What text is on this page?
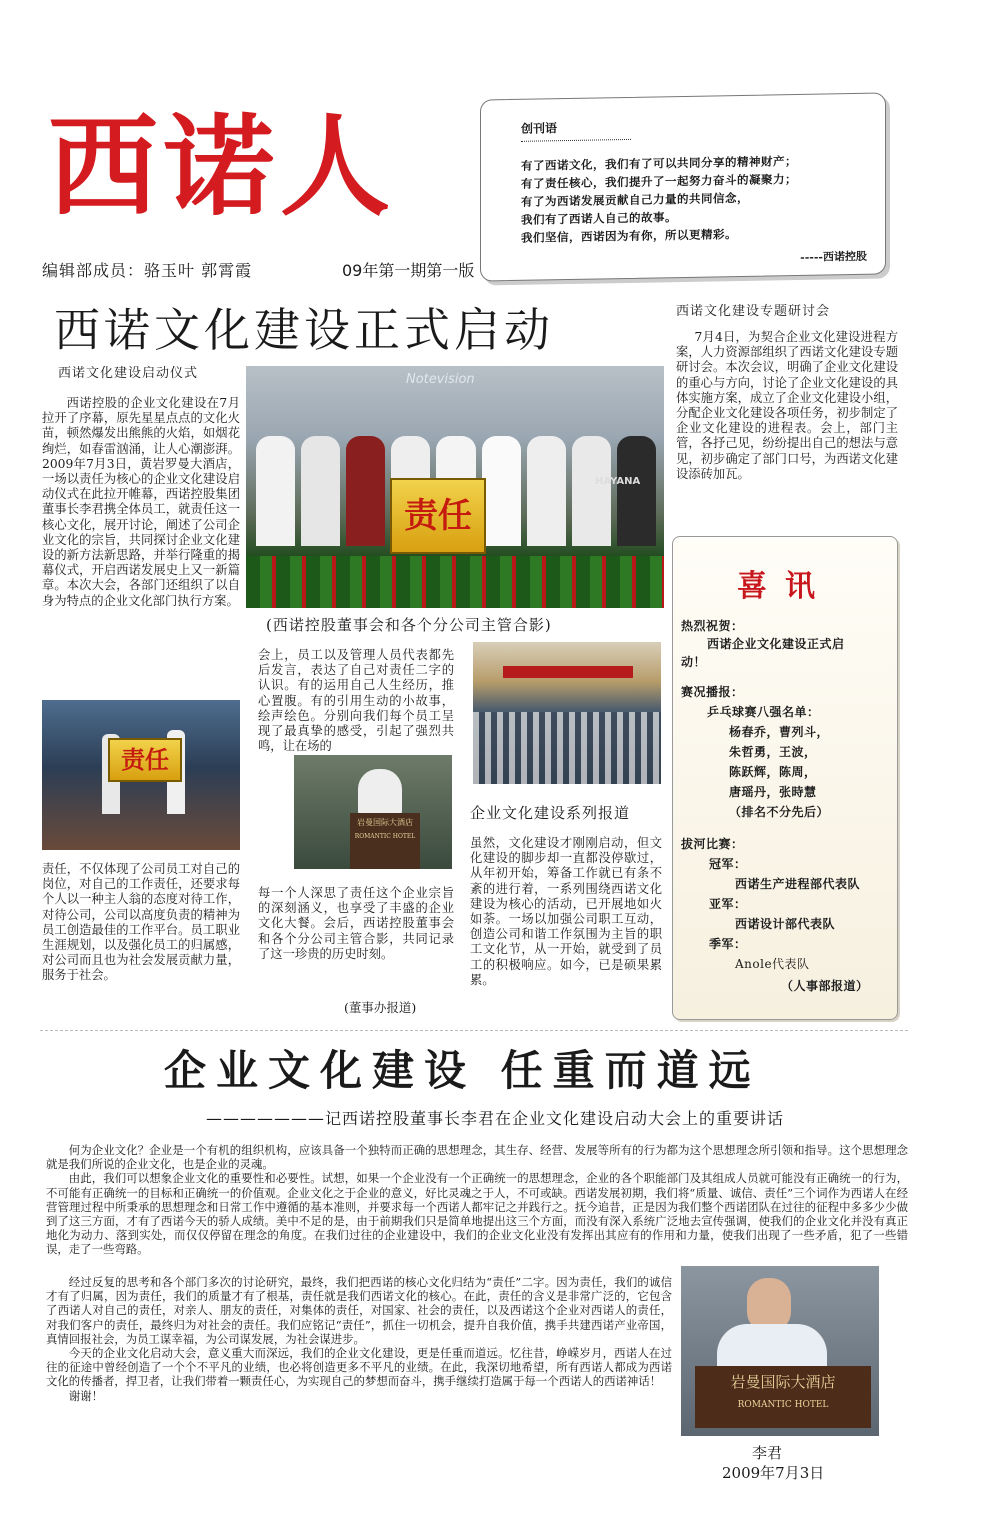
西诺人
编辑部成员：骆玉叶 郭霄霞	09年第一期第一版
创刊语
有了西诺文化，我们有了可以共同分享的精神财产；
有了责任核心，我们提升了一起努力奋斗的凝聚力；
有了为西诺发展贡献自己力量的共同信念，
我们有了西诺人自己的故事。
我们坚信，西诺因为有你，所以更精彩。
-----西诺控股
西诺文化建设正式启动
西诺文化建设启动仪式
西诺控股的企业文化建设在7月拉开了序幕，原先星星点点的文化火苗，顿然爆发出熊熊的火焰，如烟花绚烂，如春雷汹涌，让人心潮澎湃。2009年7月3日，黄岩罗曼大酒店，一场以责任为核心的企业文化建设启动仪式在此拉开帷幕，西诺控股集团董事长李君携全体员工，就责任这一核心文化，展开讨论，阐述了公司企业文化的宗旨，共同探讨企业文化建设的新方法新思路，并举行隆重的揭幕仪式，开启西诺发展史上又一新篇章。本次大会，各部门还组织了以自身为特点的企业文化部门执行方案。
责任
责任，不仅体现了公司员工对自己的岗位，对自己的工作责任，还要求每个人以一种主人翁的态度对待工作，对待公司，公司以高度负责的精神为员工创造最佳的工作平台。员工职业生涯规划，以及强化员工的归属感，对公司而且也为社会发展贡献力量，服务于社会。
Notevision
HAYANA
责任
(西诺控股董事会和各个分公司主管合影)
会上，员工以及管理人员代表都先后发言，表达了自己对责任二字的认识。有的运用自己人生经历，推心置腹。有的引用生动的小故事，绘声绘色。分别向我们每个员工呈现了最真挚的感受，引起了强烈共鸣，让在场的
岩曼国际大酒店
ROMANTIC HOTEL
每一个人深思了责任这个企业宗旨的深刻涵义，也享受了丰盛的企业文化大餐。会后，西诺控股董事会和各个分公司主管合影，共同记录了这一珍贵的历史时刻。
(董事办报道)
企业文化建设系列报道
虽然，文化建设才刚刚启动，但文化建设的脚步却一直都没停歇过，从年初开始，筹备工作就已有条不紊的进行着，一系列围绕西诺文化建设为核心的活动，已开展地如火如荼。一场以加强公司职工互动，创造公司和谐工作氛围为主旨的职工文化节，从一开始，就受到了员工的积极响应。如今，已是硕果累累。
西诺文化建设专题研讨会
7月4日，为契合企业文化建设进程方案，人力资源部组织了西诺文化建设专题研讨会。本次会议，明确了企业文化建设的重心与方向，讨论了企业文化建设的具体实施方案，成立了企业文化建设小组，分配企业文化建设各项任务，初步制定了企业文化建设的进程表。会上，部门主管，各抒己见，纷纷提出自己的想法与意见，初步确定了部门口号，为西诺文化建设添砖加瓦。
喜讯
热烈祝贺：
西诺企业文化建设正式启
动！
赛况播报：
乒乓球赛八强名单：
杨春乔，曹列斗，
朱哲勇，王波，
陈跃辉，陈周，
唐瑶丹，张時慧
（排名不分先后）
拔河比赛：
冠军：
西诺生产进程部代表队
亚军：
西诺设计部代表队
季军：
Anole代表队
（人事部报道）
企业文化建设 任重而道远
———————记西诺控股董事长李君在企业文化建设启动大会上的重要讲话

何为企业文化？企业是一个有机的组织机构，应该具备一个独特而正确的思想理念，其生存、经营、发展等所有的行为都为这个思想理念所引领和指导。这个思想理念就是我们所说的企业文化，也是企业的灵魂。

由此，我们可以想象企业文化的重要性和必要性。试想，如果一个企业没有一个正确统一的思想理念，企业的各个职能部门及其组成人员就可能没有正确统一的行为，不可能有正确统一的目标和正确统一的价值观。企业文化之于企业的意义，好比灵魂之于人，不可或缺。西诺发展初期，我们将“质量、诚信、责任”三个词作为西诺人在经营管理过程中所秉承的思想理念和日常工作中遵循的基本准则，并要求每一个西诺人都牢记之并践行之。抚今追昔，正是因为我们整个西诺团队在过往的征程中多多少少做到了这三方面，才有了西诺今天的骄人成绩。美中不足的是，由于前期我们只是简单地提出这三个方面，而没有深入系统广泛地去宣传强调，使我们的企业文化并没有真正地化为动力、落到实处，而仅仅停留在理念的角度。在我们过往的企业建设中，我们的企业文化业没有发挥出其应有的作用和力量，使我们出现了一些矛盾，犯了一些错误，走了一些弯路。

经过反复的思考和各个部门多次的讨论研究，最终，我们把西诺的核心文化归结为“责任”二字。因为责任，我们的诚信才有了归属，因为责任，我们的质量才有了根基，责任就是我们西诺文化的核心。在此，责任的含义是非常广泛的，它包含了西诺人对自己的责任，对亲人、朋友的责任，对集体的责任，对国家、社会的责任，以及西诺这个企业对西诺人的责任，对我们客户的责任，最终归为对社会的责任。我们应铭记“责任”，抓住一切机会，提升自我价值，携手共建西诺产业帝国，真情回报社会，为员工谋幸福，为公司谋发展，为社会谋进步。

今天的企业文化启动大会，意义重大而深远，我们的企业文化建设，更是任重而道远。忆往昔，峥嵘岁月，西诺人在过往的征途中曾经创造了一个个不平凡的业绩，也必将创造更多不平凡的业绩。在此，我深切地希望，所有西诺人都成为西诺文化的传播者，捍卫者，让我们带着一颗责任心，为实现自己的梦想而奋斗，携手继续打造属于每一个西诺人的西诺神话！

谢谢！

岩曼国际大酒店
ROMANTIC HOTEL
李君
2009年7月3日
